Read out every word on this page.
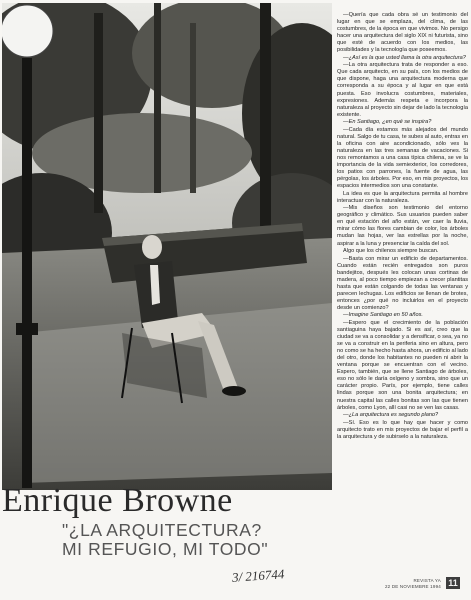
—Quería que cada obra sé un testimonio del lugar en que se emplaza, del clima, de las costumbres, de la época en que vivimos. No persigo hacer una arquitectura del siglo XIX ni futurista, sino que esté de acuerdo con los medios, las posibilidades y la tecnología que poseemos.

—¿Así es la que usted llama la otra arquitectura?

—La otra arquitectura trata de responder a eso. Que cada arquitecto, en su país, con los medios de que dispone, haga una arquitectura moderna que corresponda a su época y al lugar en que está puesta. Eso involucra costumbres, materiales, expresiones. Además respeta e incorpora la naturaleza al proyecto sin dejar de lado la tecnología existente.

—En Santiago, ¿en qué se inspira?

—Cada día estamos más alejados del mundo natural. Salgo de tu casa, te subes al auto, entras en la oficina con aire acondicionado, sólo ves la naturaleza en las tres semanas de vacaciones. Si nos remontamos a una casa típica chilena, se ve la importancia de la vida semiexterior, los corredores, los patios con parrones, la fuente de agua, las pérgolas, los árboles. Por eso, en mis proyectos, los espacios intermedios son una constante.

La idea es que la arquitectura permita al hombre interactuar con la naturaleza.

—Mis diseños son testimonio del entorno geográfico y climático. Sus usuarios pueden saber en qué estación del año están, ver caer la lluvia, mirar cómo las flores cambian de color, los árboles mudan las hojas, ver las estrellas por la noche, aspirar a la luna y presenciar la caída del sol.

Algo que los chilenos siempre buscan.

—Basta con mirar un edificio de departamentos. Cuando están recién entregados son puros bandejitos, después les colocan unas cortinas de madera, al poco tiempo empiezan a crecer plantitas hasta que están colgando de todas las ventanas y parecen lechugas. Los edificios se llenan de brotes, entonces ¿por qué no incluirlos en el proyecto desde un comienzo?

—Imagine Santiago en 50 años.

—Espero que el crecimiento de la población santiaguina haya bajado. Si es así, creo que la ciudad se va a consolidar y a densificar, o sea, ya no se va a construir en la periferia sino en altura, pero no como se ha hecho hasta ahora, un edificio al lado del otro, donde los habitantes no pueden ni abrir la ventana porque se encuentran con el vecino. Espero, también, que se llene Santiago de árboles, eso no sólo le daría oxígeno y sombra, sino que un carácter propio. París, por ejemplo, tiene calles lindas porque son una bonita arquitectura; en nuestra capital las calles bonitas son las que tienen árboles, como Lyon, allí casi no se ven las casas.

—¿La arquitectura es segundo plano?

—Sí. Eso es lo que hay que hacer y como arquitecto trato en mis proyectos de bajar el perfil a la arquitectura y de subirselo a la naturaleza.

Enrique Browne
"¿LA ARQUITECTURA?
MI REFUGIO, MI TODO"
3/ 216744	REVISTA YA
22 DE NOVIEMBRE 1994 11
